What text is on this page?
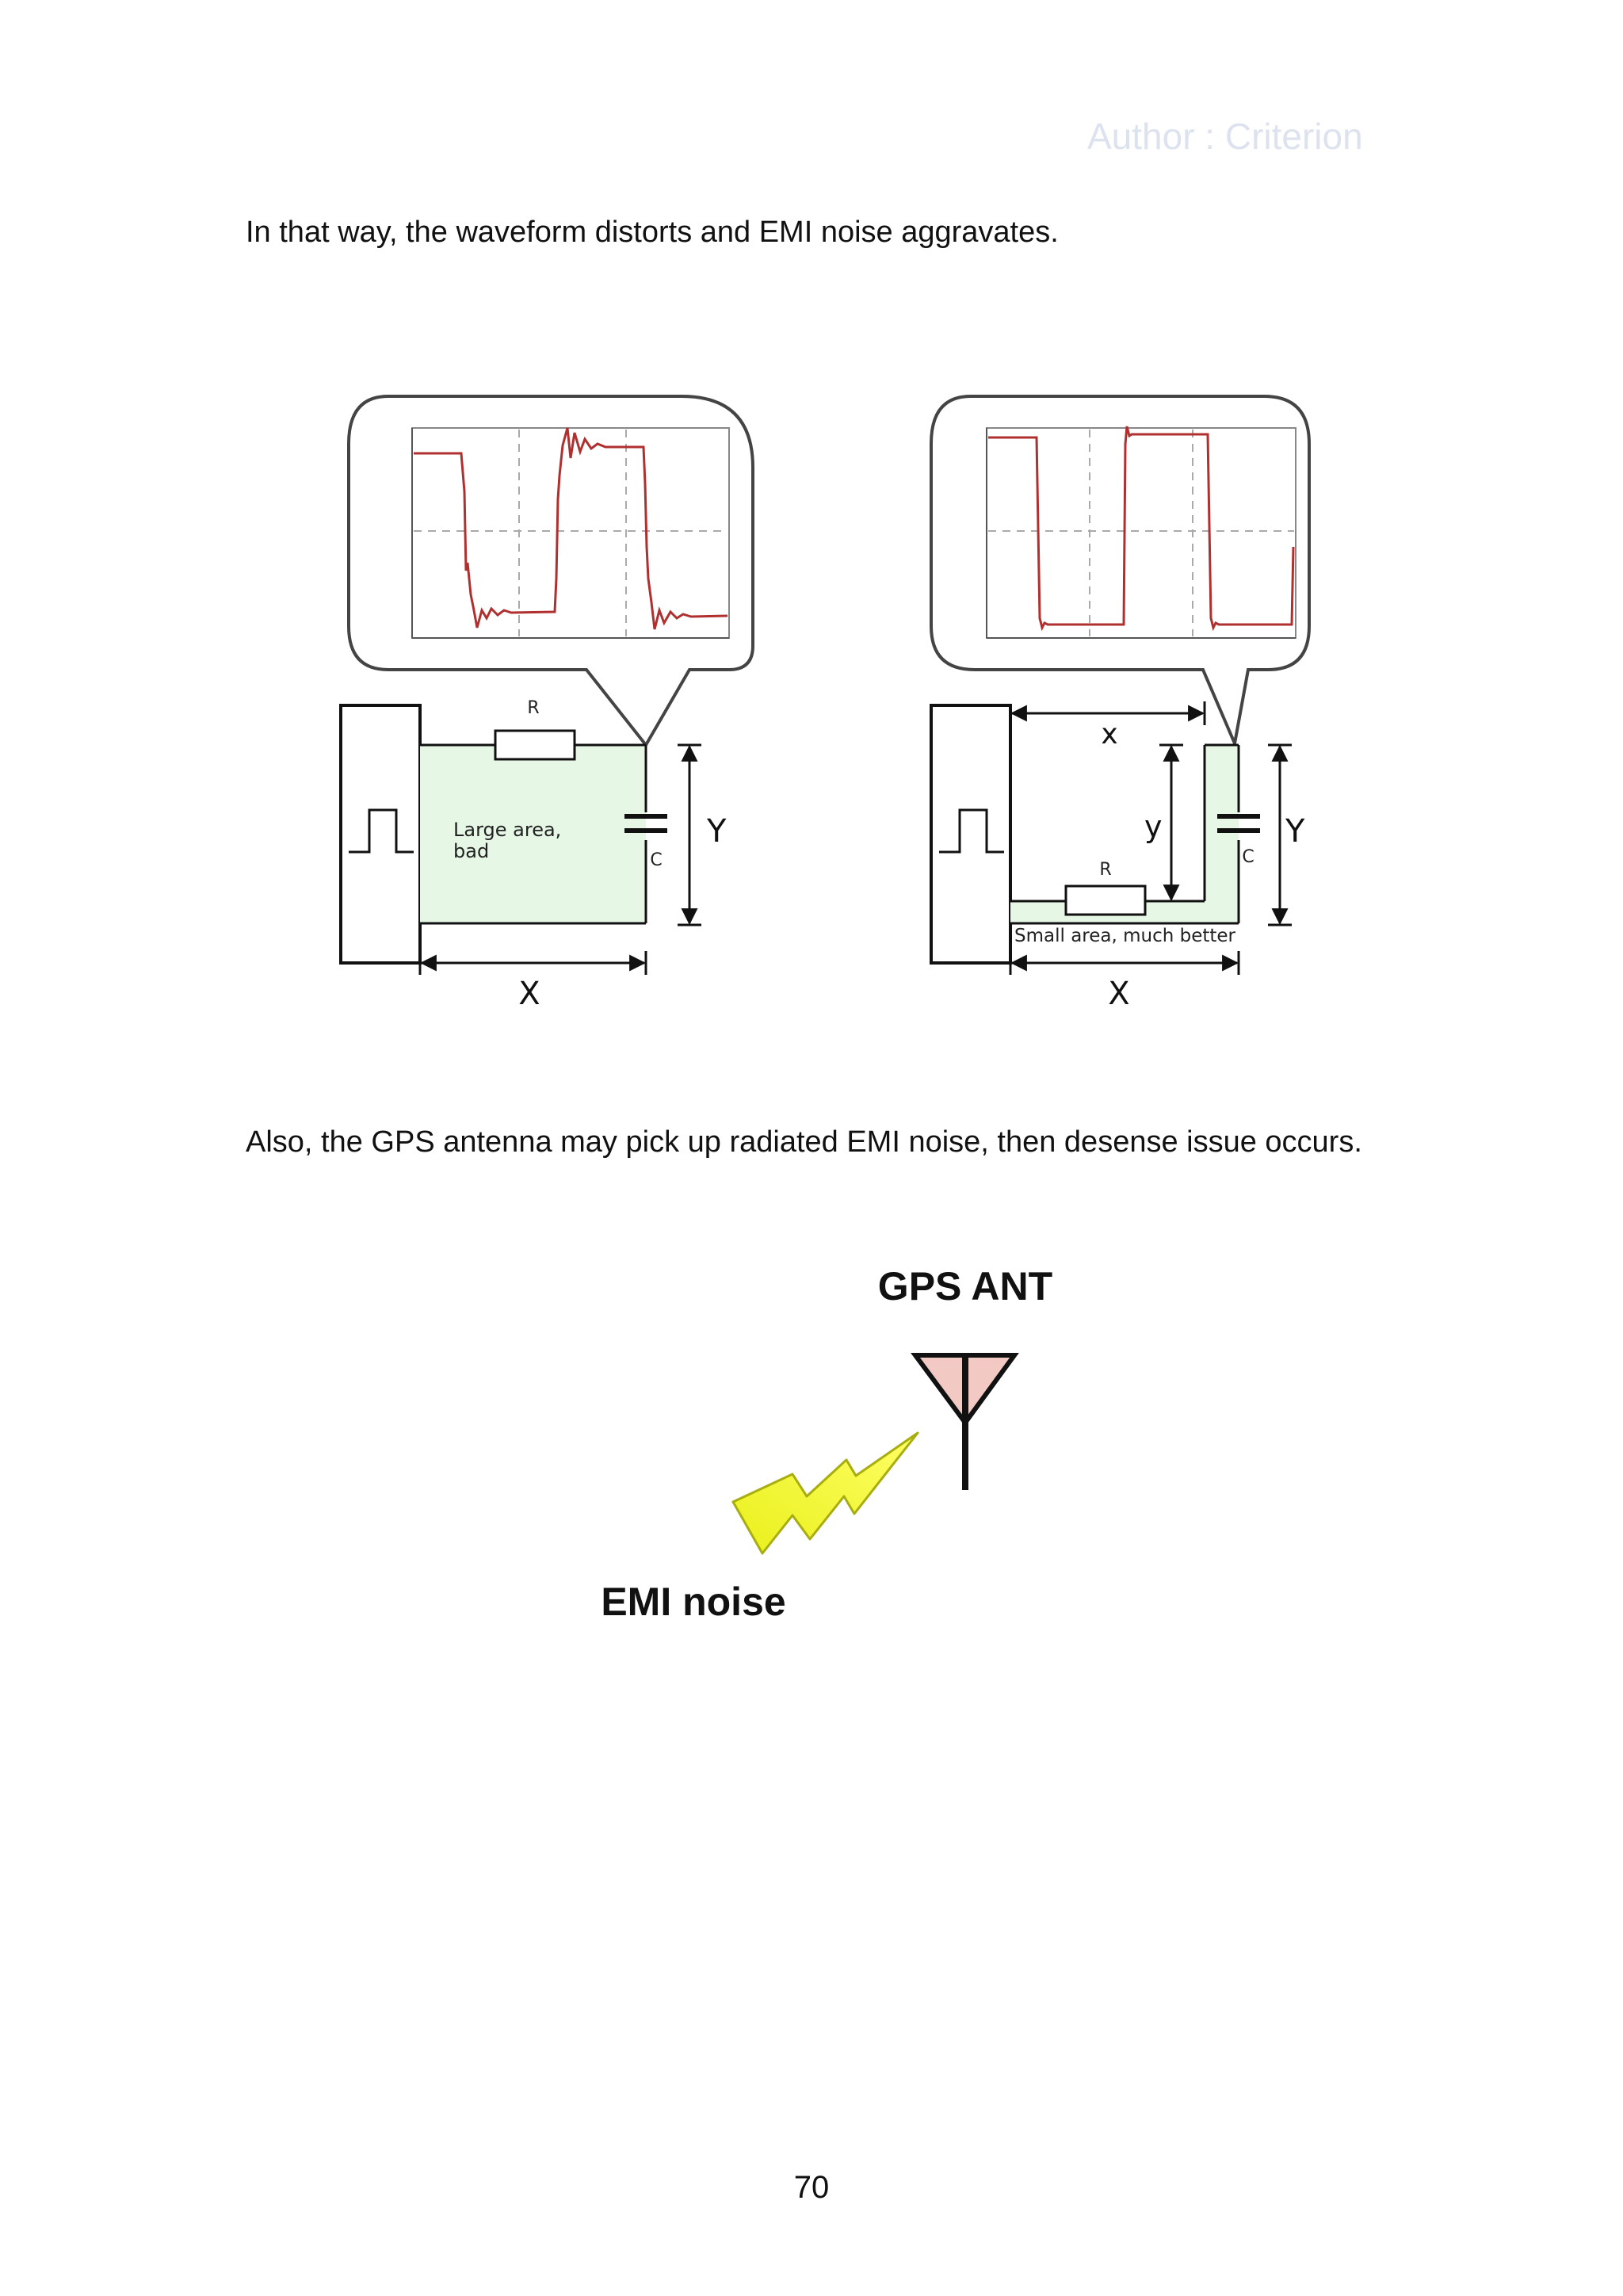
Author : Criterion
In that way, the waveform distorts and EMI noise aggravates.
R
C
Large area,
bad
Y
X
R
C
Small area, much better
x
y	Y
X
Also, the GPS antenna may pick up radiated EMI noise, then desense issue occurs.
GPS ANT
EMI noise
70
